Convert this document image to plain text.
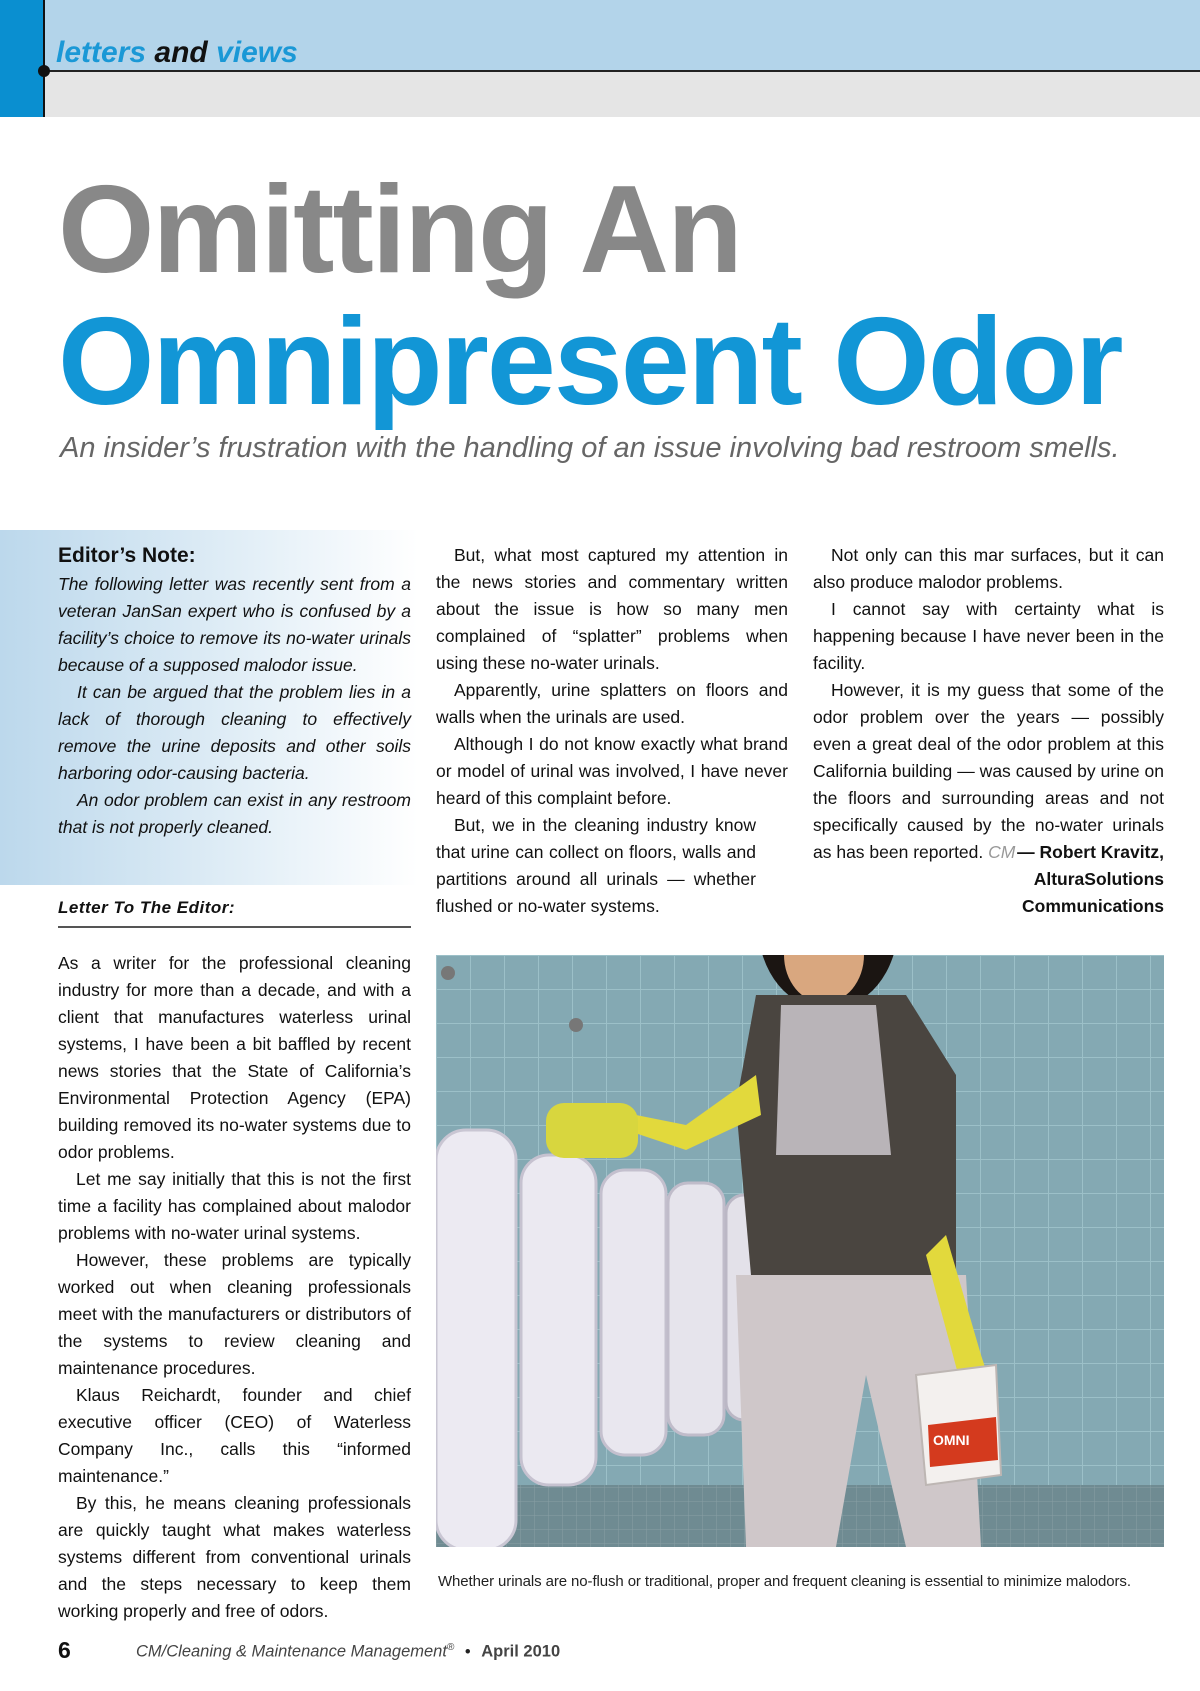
letters and views
Omitting An
Omnipresent Odor
An insider’s frustration with the handling of an issue involving bad restroom smells.
Editor’s Note:

The following letter was recently sent from a veteran JanSan expert who is confused by a facility’s choice to remove its no-water urinals because of a supposed malodor issue.

It can be argued that the problem lies in a lack of thorough cleaning to effectively remove the urine deposits and other soils harboring odor-causing bacteria.

An odor problem can exist in any restroom that is not properly cleaned.

Letter To The Editor:

As a writer for the professional cleaning industry for more than a decade, and with a client that manufactures waterless urinal systems, I have been a bit baffled by recent news stories that the State of California’s Environmental Protection Agency (EPA) building removed its no-water systems due to odor problems.

Let me say initially that this is not the first time a facility has complained about malodor problems with no-water urinal systems.

However, these problems are typically worked out when cleaning professionals meet with the manufacturers or distributors of the systems to review cleaning and maintenance procedures.

Klaus Reichardt, founder and chief executive officer (CEO) of Waterless Company Inc., calls this “informed maintenance.”

By this, he means cleaning professionals are quickly taught what makes waterless systems different from conventional urinals and the steps necessary to keep them working properly and free of odors.

But, what most captured my attention in the news stories and commentary written about the issue is how so many men complained of “splatter” problems when using these no-water urinals.

Apparently, urine splatters on floors and walls when the urinals are used.

Although I do not know exactly what brand or model of urinal was involved, I have never heard of this complaint before.

But, we in the cleaning industry know that urine can collect on floors, walls and partitions around all urinals — whether flushed or no-water systems.

Not only can this mar surfaces, but it can also produce malodor problems.

I cannot say with certainty what is happening because I have never been in the facility.

However, it is my guess that some of the odor problem over the years — possibly even a great deal of the odor problem at this California building — was caused by urine on the floors and surrounding areas and not specifically caused by the no-water urinals as has been reported. CM — Robert Kravitz,
AlturaSolutions
Communications
OMNI
Whether urinals are no-flush or traditional, proper and frequent cleaning is essential to minimize malodors.
6	CM/Cleaning & Maintenance Management® • April 2010
